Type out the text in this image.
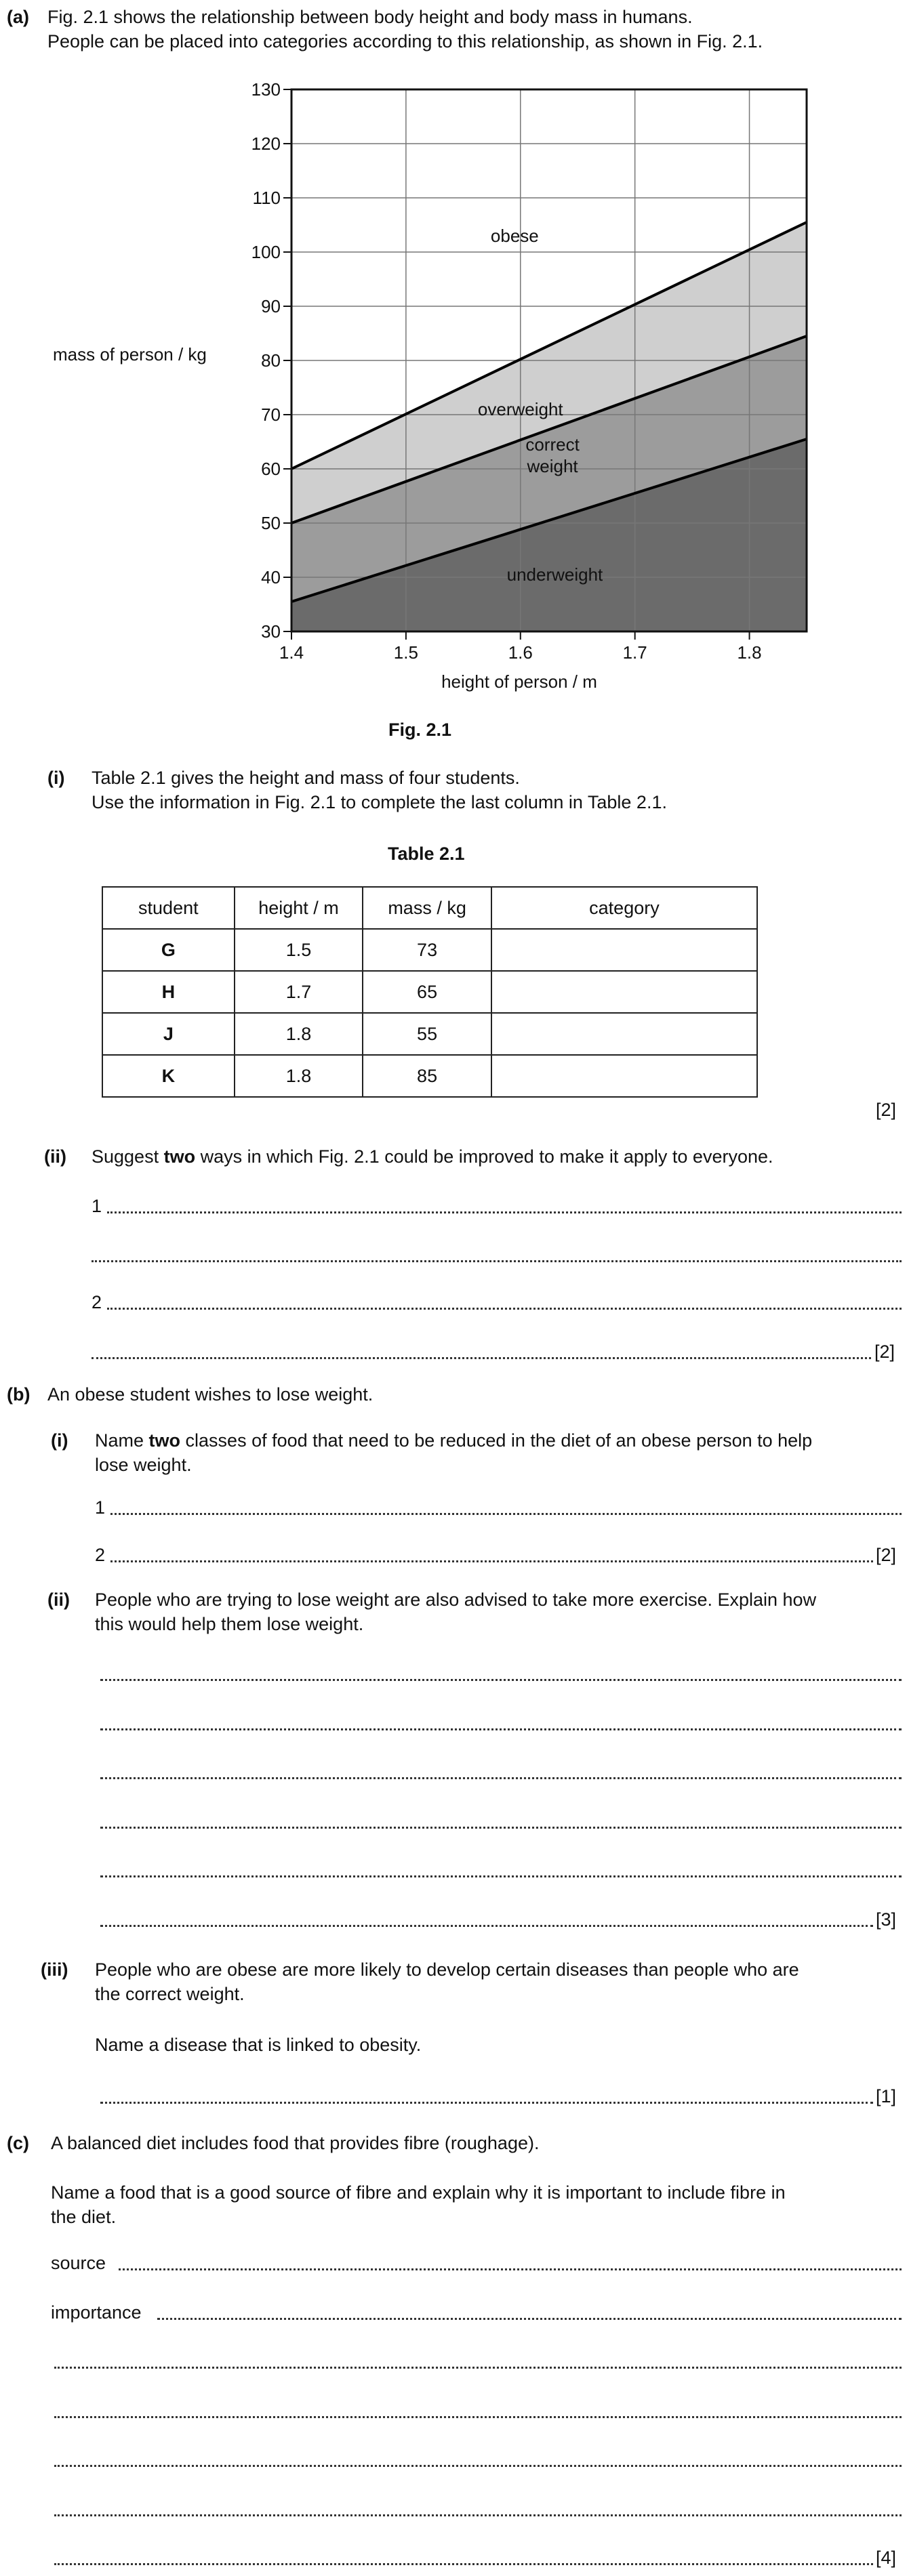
(a) Fig. 2.1 shows the relationship between body height and body mass in humans.
People can be placed into categories according to this relationship, as shown in Fig. 2.1.
30
40
50
60
70
80
90
100
110
120
130
1.4	1.5	1.6	1.7	1.8
underweight
correct
weight
overweight
obese
mass of person / kg
height of person / m
Fig. 2.1
(i) Table 2.1 gives the height and mass of four students.
Use the information in Fig. 2.1 to complete the last column in Table 2.1.
Table 2.1
student	height / m	mass / kg	category
G	1.5	73	
H	1.7	65	
J	1.8	55	
K	1.8	85	
[2]
(ii) Suggest two ways in which Fig. 2.1 could be improved to make it apply to everyone.
1
2
[2]
(b) An obese student wishes to lose weight.
(i) Name two classes of food that need to be reduced in the diet of an obese person to help
lose weight.
1
2	[2]
(ii) People who are trying to lose weight are also advised to take more exercise. Explain how
this would help them lose weight.
[3]
(iii) People who are obese are more likely to develop certain diseases than people who are
the correct weight.
Name a disease that is linked to obesity.
[1]
(c) A balanced diet includes food that provides fibre (roughage).
Name a food that is a good source of fibre and explain why it is important to include fibre in
the diet.
source
importance
[4]
